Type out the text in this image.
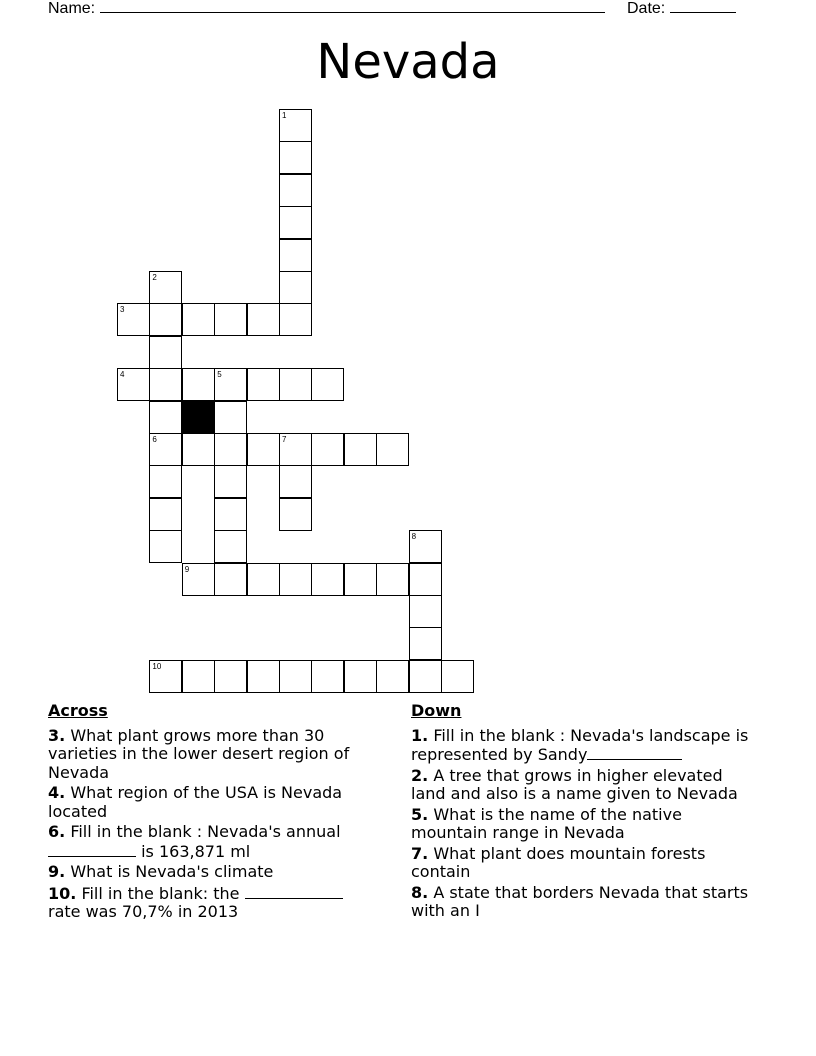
Name:	Date:
Nevada
1
2
3
4	5
6	7
8
9
10
Across
3. What plant grows more than 30 varieties in the lower desert region of Nevada
4. What region of the USA is Nevada located
6. Fill in the blank : Nevada's annual
is 163,871 ml
9. What is Nevada's climate
10. Fill in the blank: the
rate was 70,7% in 2013
Down
1. Fill in the blank : Nevada's landscape is represented by Sandy
2. A tree that grows in higher elevated land and also is a name given to Nevada
5. What is the name of the native mountain range in Nevada
7. What plant does mountain forests contain
8. A state that borders Nevada that starts with an I
